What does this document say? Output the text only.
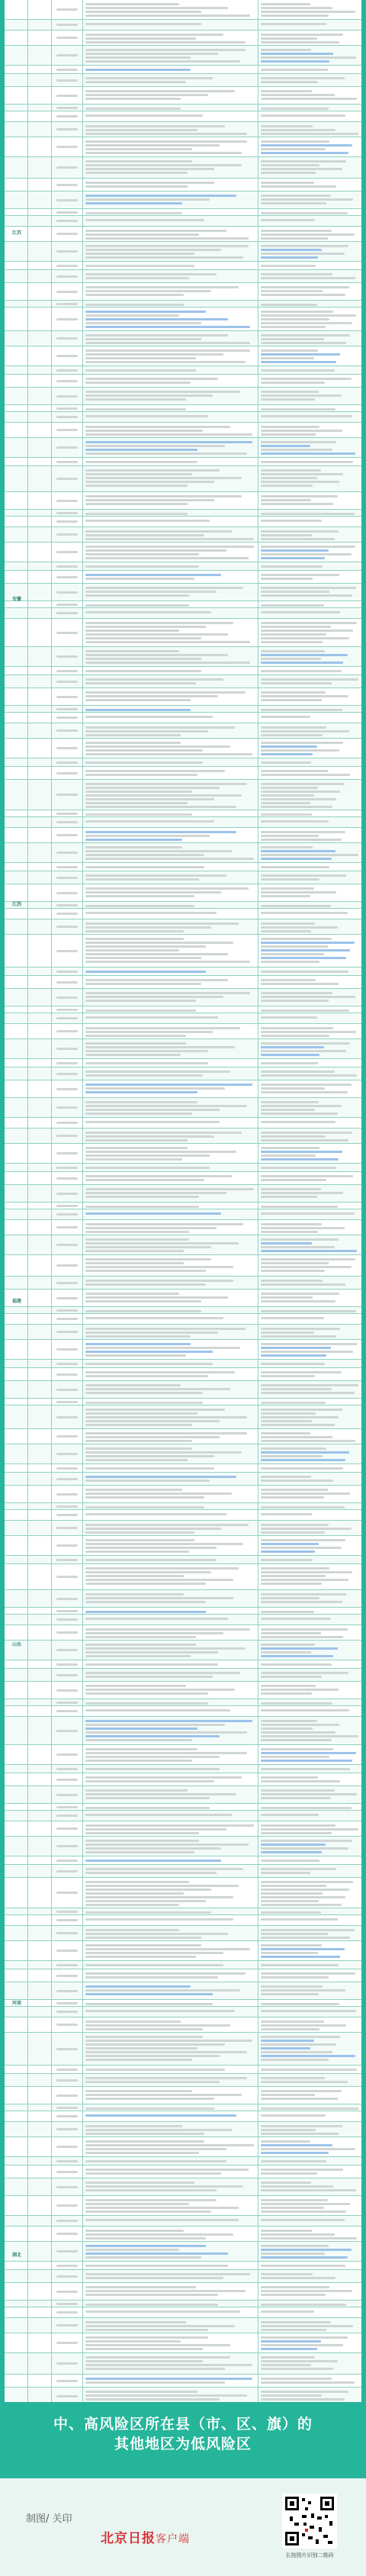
江苏
安徽
江西
福建
山东
河南
湖北
中、高风险区所在县（市、区、旗）的
其他地区为低风险区
制图/ 关印
北京日报客户端
长按图片识别二维码
